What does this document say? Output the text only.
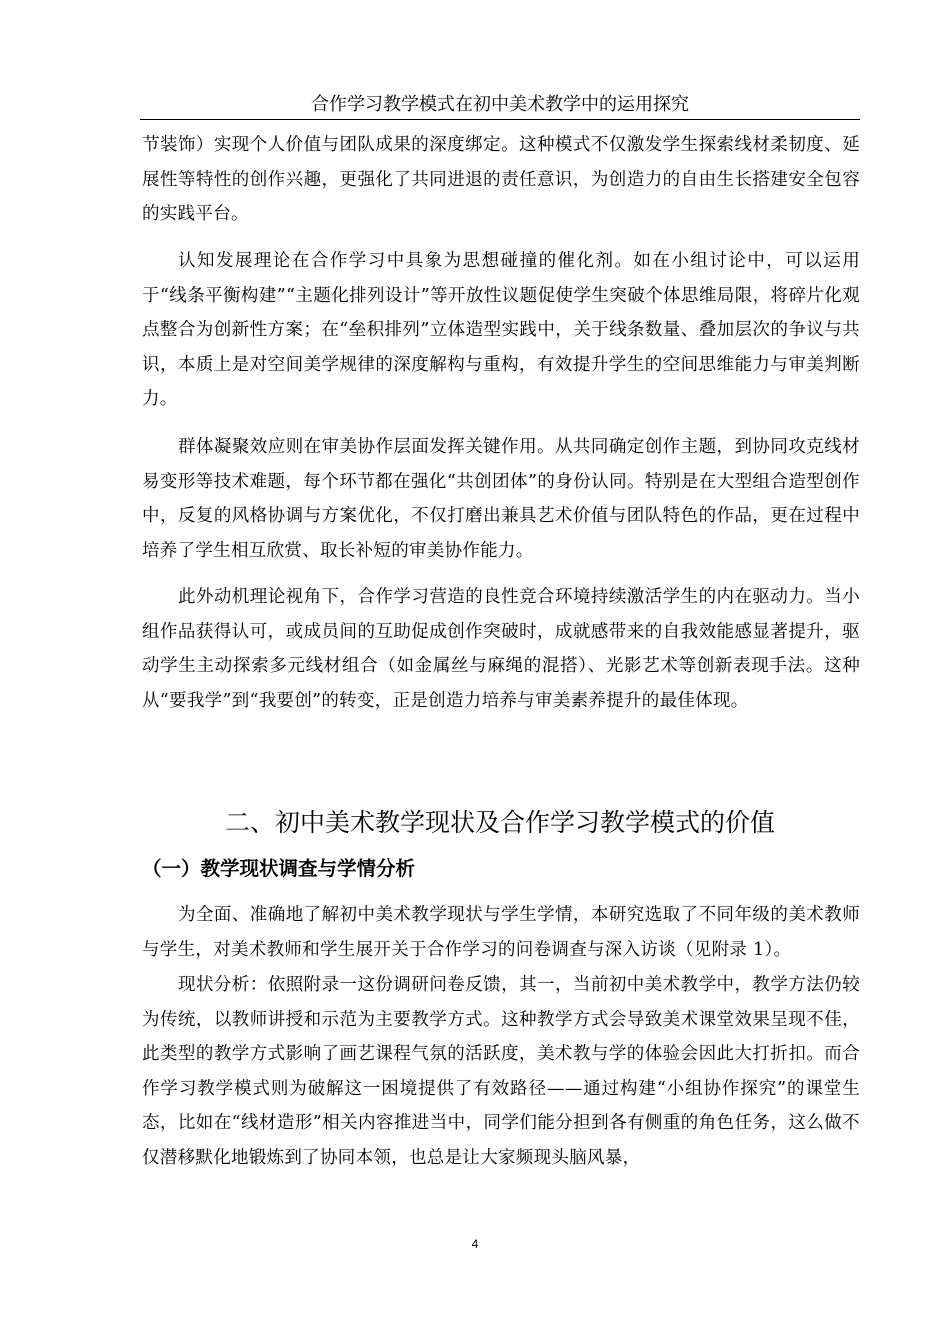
合作学习教学模式在初中美术教学中的运用探究

节装饰）实现个人价值与团队成果的深度绑定。这种模式不仅激发学生探索线材柔韧度、延展性等特性的创作兴趣，更强化了共同进退的责任意识，为创造力的自由生长搭建安全包容的实践平台。

认知发展理论在合作学习中具象为思想碰撞的催化剂。如在小组讨论中，可以运用于“线条平衡构建”“主题化排列设计”等开放性议题促使学生突破个体思维局限，将碎片化观点整合为创新性方案；在“垒积排列”立体造型实践中，关于线条数量、叠加层次的争议与共识，本质上是对空间美学规律的深度解构与重构，有效提升学生的空间思维能力与审美判断力。

群体凝聚效应则在审美协作层面发挥关键作用。从共同确定创作主题，到协同攻克线材易变形等技术难题，每个环节都在强化“共创团体”的身份认同。特别是在大型组合造型创作中，反复的风格协调与方案优化，不仅打磨出兼具艺术价值与团队特色的作品，更在过程中培养了学生相互欣赏、取长补短的审美协作能力。

此外动机理论视角下，合作学习营造的良性竞合环境持续激活学生的内在驱动力。当小组作品获得认可，或成员间的互助促成创作突破时，成就感带来的自我效能感显著提升，驱动学生主动探索多元线材组合（如金属丝与麻绳的混搭）、光影艺术等创新表现手法。这种从“要我学”到“我要创”的转变，正是创造力培养与审美素养提升的最佳体现。

二、初中美术教学现状及合作学习教学模式的价值
（一）教学现状调查与学情分析

为全面、准确地了解初中美术教学现状与学生学情，本研究选取了不同年级的美术教师与学生，对美术教师和学生展开关于合作学习的问卷调查与深入访谈（见附录 1）。

现状分析：依照附录一这份调研问卷反馈，其一，当前初中美术教学中，教学方法仍较为传统，以教师讲授和示范为主要教学方式。这种教学方式会导致美术课堂效果呈现不佳，此类型的教学方式影响了画艺课程气氛的活跃度，美术教与学的体验会因此大打折扣。而合作学习教学模式则为破解这一困境提供了有效路径——通过构建“小组协作探究”的课堂生态，比如在“线材造形”相关内容推进当中，同学们能分担到各有侧重的角色任务，这么做不仅潜移默化地锻炼到了协同本领，也总是让大家频现头脑风暴，

4
